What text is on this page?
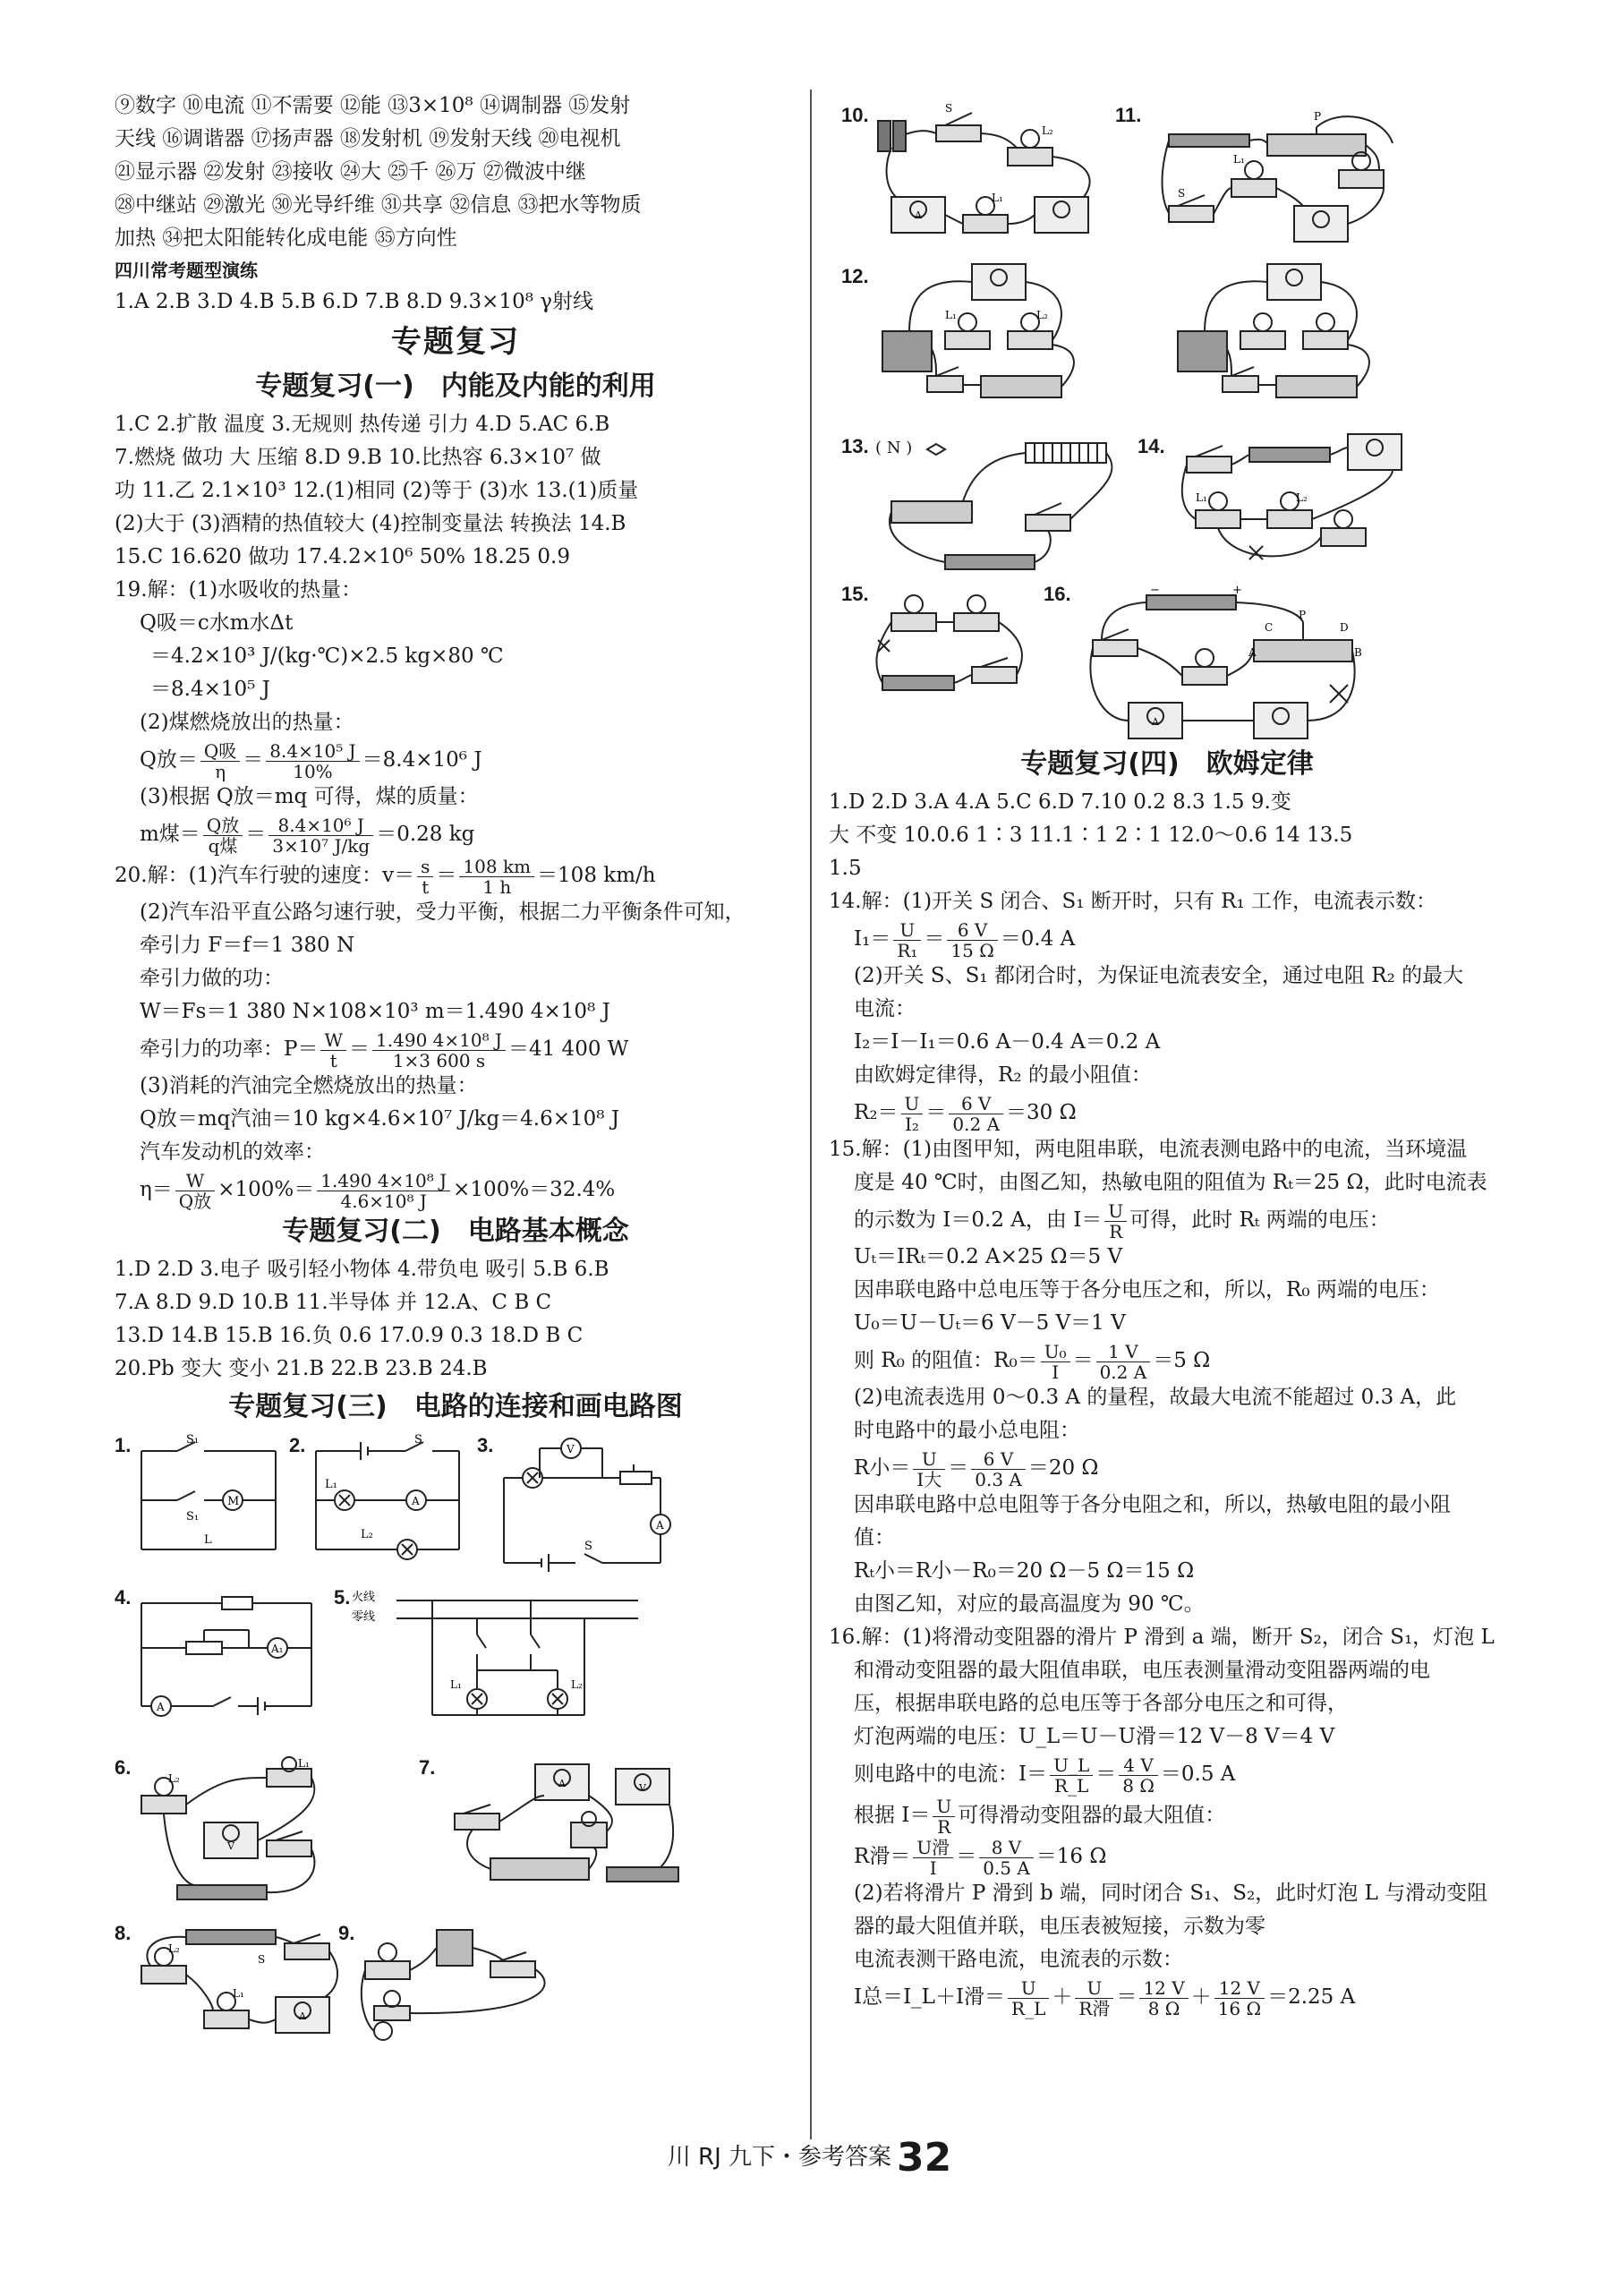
⑨数字 ⑩电流 ⑪不需要 ⑫能 ⑬3×10⁸ ⑭调制器 ⑮发射
天线 ⑯调谐器 ⑰扬声器 ⑱发射机 ⑲发射天线 ⑳电视机
㉑显示器 ㉒发射 ㉓接收 ㉔大 ㉕千 ㉖万 ㉗微波中继
㉘中继站 ㉙激光 ㉚光导纤维 ㉛共享 ㉜信息 ㉝把水等物质
加热 ㉞把太阳能转化成电能 ㉟方向性
四川常考题型演练
1.A 2.B 3.D 4.B 5.B 6.D 7.B 8.D 9.3×10⁸ γ射线
专题复习
专题复习(一)　内能及内能的利用
1.C 2.扩散 温度 3.无规则 热传递 引力 4.D 5.AC 6.B
7.燃烧 做功 大 压缩 8.D 9.B 10.比热容 6.3×10⁷ 做
功 11.乙 2.1×10³ 12.(1)相同 (2)等于 (3)水 13.(1)质量
(2)大于 (3)酒精的热值较大 (4)控制变量法 转换法 14.B
15.C 16.620 做功 17.4.2×10⁶ 50% 18.25 0.9
19.解：(1)水吸收的热量：
Q吸＝c水m水Δt
＝4.2×10³ J/(kg·℃)×2.5 kg×80 ℃
＝8.4×10⁵ J
(2)煤燃烧放出的热量：
Q放＝ $\frac{\text{Q吸}}{\eta} = \frac{\text{8.4×10⁵ J}}{10\%} =8.4\times 10^6$ J
(3)根据 Q放＝mq 可得，煤的质量：
m煤＝ $\frac{\text{Q放}}{\text{q煤}} = \frac{\text{8.4×10⁶ J}}{\text{3×10⁷ J/kg}} =0.28$ kg
20.解：(1)汽车行驶的速度：$v= \frac{s}{t} = \frac{108 km}{1 h} =108$ km/h
(2)汽车沿平直公路匀速行驶，受力平衡，根据二力平衡条件可知，
牵引力 F＝f＝1 380 N
牵引力做的功：
W＝Fs＝1 380 N×108×10³ m＝1.490 4×10⁸ J
牵引力的功率：$P= \frac{W}{t} = \frac{\text{1.490 4×10⁸ J}}{1\times 3 600 s} =41$ 400 W
(3)消耗的汽油完全燃烧放出的热量：
Q放＝mq汽油＝10 kg×4.6×10⁷ J/kg＝4.6×10⁸ J
汽车发动机的效率：
$\eta= \frac{W}{\text{Q放}} \times 100\%= \frac{\text{1.490 4×10⁸ J}}{\text{4.6×10⁸ J}} \times 100\%=32.4\%$
专题复习(二)　电路基本概念
1.D 2.D 3.电子 吸引轻小物体 4.带负电 吸引 5.B 6.B
7.A 8.D 9.D 10.B 11.半导体 并 12.A、C B C
13.D 14.B 15.B 16.负 0.6 17.0.9 0.3 18.D B C
20.Pb 变大 变小 21.B 22.B 23.B 24.B
专题复习(三)　电路的连接和画电路图
1.	S₁
M
S₁
L
2.	S
L₁
A
L₂
3.	V
A
S
4.
A₁
A
5. 火线
零线
L₁	L₂
6.	L₂
L₁
V
7.
A	V
8.
S
L₂
L₁
A
9.
10.	S
L₂
A
L₁
11.	P
L₁
S
12.
L₁	L₂
13. ( N )	14.
L₁	L₂
15.	16.	−	+
C
P
D
A	B
A
专题复习(四)　欧姆定律
1.D 2.D 3.A 4.A 5.C 6.D 7.10 0.2 8.3 1.5 9.变
大 不变 10.0.6 1∶3 11.1∶1 2∶1 12.0～0.6 14 13.5
1.5
14.解：(1)开关 S 闭合、S₁ 断开时，只有 R₁ 工作，电流表示数：
$I_1= \frac{U}{\text{R₁}} = \frac{6 V}{15 \Omega} =0.4$ A
(2)开关 S、S₁ 都闭合时，为保证电流表安全，通过电阻 R₂ 的最大
电流：
I₂＝I－I₁＝0.6 A－0.4 A＝0.2 A
由欧姆定律得，R₂ 的最小阻值：
$R_2= \frac{U}{\text{I₂}} = \frac{6 V}{0.2 A} =30$ Ω
15.解：(1)由图甲知，两电阻串联，电流表测电路中的电流，当环境温
度是 40 ℃时，由图乙知，热敏电阻的阻值为 Rₜ＝25 Ω，此时电流表
的示数为 I＝0.2 A，由 $I= \frac{U}{R}$ 可得，此时 Rₜ 两端的电压：
Uₜ＝IRₜ＝0.2 A×25 Ω＝5 V
因串联电路中总电压等于各分电压之和，所以，R₀ 两端的电压：
U₀＝U－Uₜ＝6 V－5 V＝1 V
则 R₀ 的阻值：$R_0= \frac{\text{U₀}}{I} = \frac{1 V}{0.2 A} =5$ Ω
(2)电流表选用 0～0.3 A 的量程，故最大电流不能超过 0.3 A，此
时电路中的最小总电阻：
R小＝ $\frac{U}{\text{I大}} = \frac{6 V}{0.3 A} =20$ Ω
因串联电路中总电阻等于各分电阻之和，所以，热敏电阻的最小阻
值：
Rₜ小＝R小－R₀＝20 Ω－5 Ω＝15 Ω
由图乙知，对应的最高温度为 90 ℃。
16.解：(1)将滑动变阻器的滑片 P 滑到 a 端，断开 S₂，闭合 S₁，灯泡 L
和滑动变阻器的最大阻值串联，电压表测量滑动变阻器两端的电
压，根据串联电路的总电压等于各部分电压之和可得，
灯泡两端的电压：U_L＝U－U滑＝12 V－8 V＝4 V
则电路中的电流：$I= \frac{U\_L}{R\_L} = \frac{4 V}{8 \Omega} =0.5$ A
根据 $I= \frac{U}{R}$ 可得滑动变阻器的最大阻值：
R滑＝ $\frac{\text{U滑}}{I} = \frac{8 V}{0.5 A} =16$ Ω
(2)若将滑片 P 滑到 b 端，同时闭合 S₁、S₂，此时灯泡 L 与滑动变阻
器的最大阻值并联，电压表被短接，示数为零
电流表测干路电流，电流表的示数：
I总＝I_L＋I滑＝ $\frac{U}{R\_L} + \frac{U}{\text{R滑}} = \frac{12 V}{8 \Omega} + \frac{12 V}{16 \Omega} =2.25$ A
川 RJ 九下・参考答案 32
